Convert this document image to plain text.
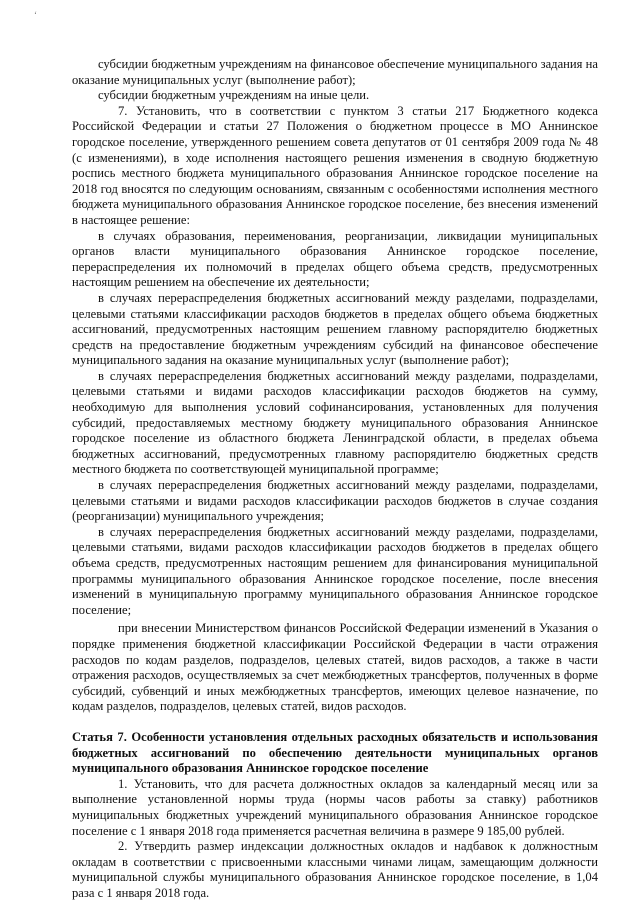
‘

субсидии бюджетным учреждениям на финансовое обеспечение муниципального задания на оказание муниципальных услуг (выполнение работ);

субсидии бюджетным учреждениям на иные цели.

7. Установить, что в соответствии с пунктом 3 статьи 217 Бюджетного кодекса Российской Федерации и статьи 27 Положения о бюджетном процессе в МО Аннинское городское поселение, утвержденного решением совета депутатов от 01 сентября 2009 года № 48 (с изменениями), в ходе исполнения настоящего решения изменения в сводную бюджетную роспись местного бюджета муниципального образования Аннинское городское поселение на 2018 год вносятся по следующим основаниям, связанным с особенностями исполнения местного бюджета муниципального образования Аннинское городское поселение, без внесения изменений в настоящее решение:

в случаях образования, переименования, реорганизации, ликвидации муниципальных органов власти муниципального образования Аннинское городское поселение, перераспределения их полномочий в пределах общего объема средств, предусмотренных настоящим решением на обеспечение их деятельности;

в случаях перераспределения бюджетных ассигнований между разделами, подразделами, целевыми статьями классификации расходов бюджетов в пределах общего объема бюджетных ассигнований, предусмотренных настоящим решением главному распорядителю бюджетных средств на предоставление бюджетным учреждениям субсидий на финансовое обеспечение муниципального задания на оказание муниципальных услуг (выполнение работ);

в случаях перераспределения бюджетных ассигнований между разделами, подразделами, целевыми статьями и видами расходов классификации расходов бюджетов на сумму, необходимую для выполнения условий софинансирования, установленных для получения субсидий, предоставляемых местному бюджету муниципального образования Аннинское городское поселение из областного бюджета Ленинградской области, в пределах объема бюджетных ассигнований, предусмотренных главному распорядителю бюджетных средств местного бюджета по соответствующей муниципальной программе;

в случаях перераспределения бюджетных ассигнований между разделами, подразделами, целевыми статьями и видами расходов классификации расходов бюджетов в случае создания (реорганизации) муниципального учреждения;

в случаях перераспределения бюджетных ассигнований между разделами, подразделами, целевыми статьями, видами расходов классификации расходов бюджетов в пределах общего объема средств, предусмотренных настоящим решением для финансирования муниципальной программы муниципального образования Аннинское городское поселение, после внесения изменений в муниципальную программу муниципального образования Аннинское городское поселение;

при внесении Министерством финансов Российской Федерации изменений в Указания о порядке применения бюджетной классификации Российской Федерации в части отражения расходов по кодам разделов, подразделов, целевых статей, видов расходов, а также в части отражения расходов, осуществляемых за счет межбюджетных трансфертов, полученных в форме субсидий, субвенций и иных межбюджетных трансфертов, имеющих целевое назначение, по кодам разделов, подразделов, целевых статей, видов расходов.

Статья 7. Особенности установления отдельных расходных обязательств и использования бюджетных ассигнований по обеспечению деятельности муниципальных органов муниципального образования Аннинское городское поселение

1. Установить, что для расчета должностных окладов за календарный месяц или за выполнение установленной нормы труда (нормы часов работы за ставку) работников муниципальных бюджетных учреждений муниципального образования Аннинское городское поселение с 1 января 2018 года применяется расчетная величина в размере 9 185,00 рублей.

2. Утвердить размер индексации должностных окладов и надбавок к должностным окладам в соответствии с присвоенными классными чинами лицам, замещающим должности муниципальной службы муниципального образования Аннинское городское поселение, в 1,04 раза с 1 января 2018 года.
